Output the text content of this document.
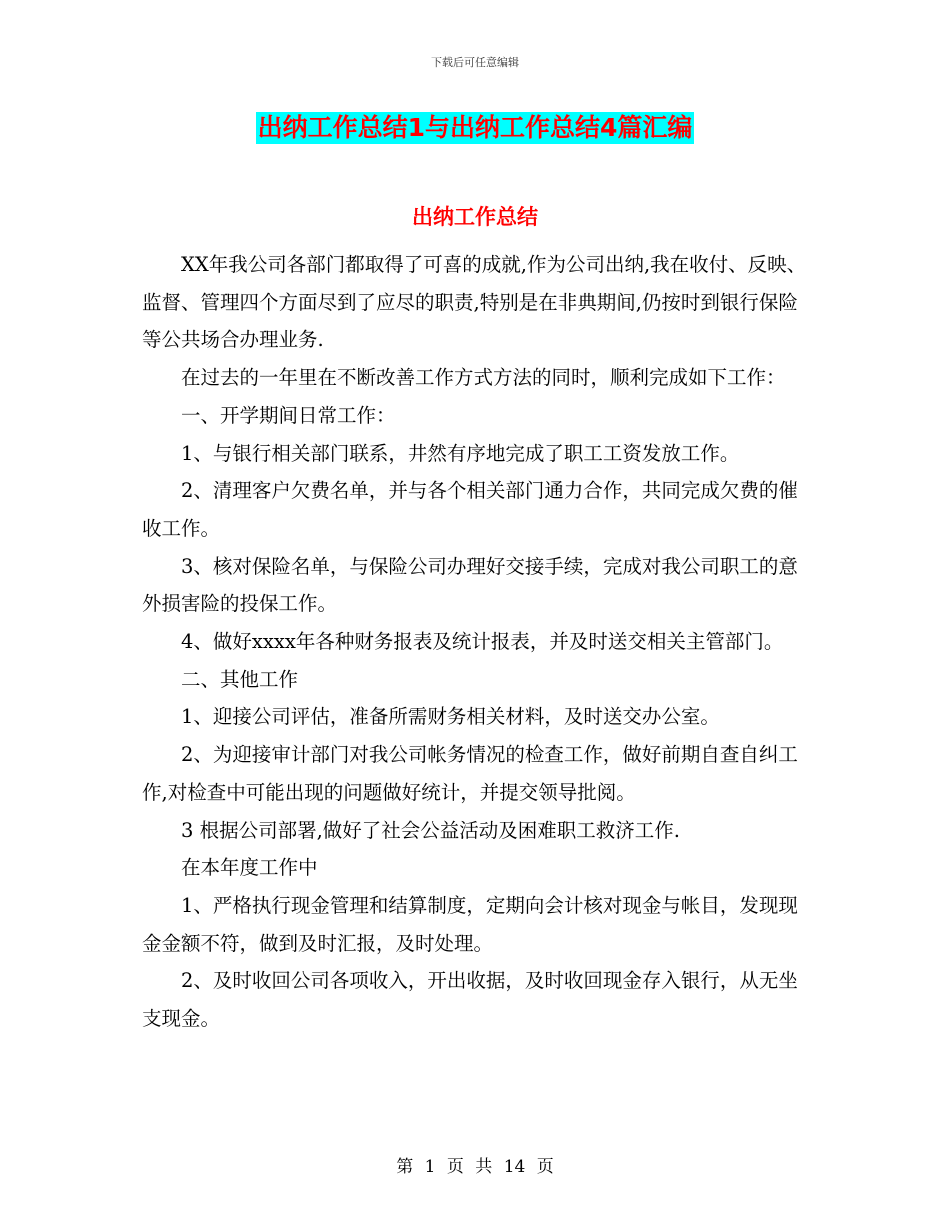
下载后可任意编辑
出纳工作总结1与出纳工作总结4篇汇编
出纳工作总结

XX年我公司各部门都取得了可喜的成就,作为公司出纳,我在收付、反映、监督、管理四个方面尽到了应尽的职责,特别是在非典期间,仍按时到银行保险等公共场合办理业务.

在过去的一年里在不断改善工作方式方法的同时，顺利完成如下工作：

一、开学期间日常工作：

1、与银行相关部门联系，井然有序地完成了职工工资发放工作。

2、清理客户欠费名单，并与各个相关部门通力合作，共同完成欠费的催收工作。

3、核对保险名单，与保险公司办理好交接手续，完成对我公司职工的意外损害险的投保工作。

4、做好xxxx年各种财务报表及统计报表，并及时送交相关主管部门。

二、其他工作

1、迎接公司评估，准备所需财务相关材料，及时送交办公室。

2、为迎接审计部门对我公司帐务情况的检查工作，做好前期自查自纠工作,对检查中可能出现的问题做好统计，并提交领导批阅。

3 根据公司部署,做好了社会公益活动及困难职工救济工作.

在本年度工作中

1、严格执行现金管理和结算制度，定期向会计核对现金与帐目，发现现金金额不符，做到及时汇报，及时处理。

2、及时收回公司各项收入，开出收据，及时收回现金存入银行，从无坐支现金。

第 1 页 共 14 页
